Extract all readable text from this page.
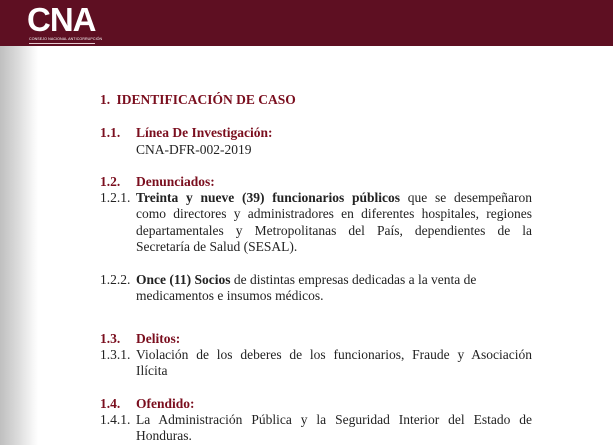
CNA
CONSEJO NACIONAL ANTICORRUPCIÓN
1. IDENTIFICACIÓN DE CASO
1.1. Línea De Investigación:
CNA-DFR-002-2019
1.2. Denunciados:
1.2.1. Treinta y nueve (39) funcionarios públicos que se desempeñaron
como directores y administradores en diferentes hospitales, regiones
departamentales y Metropolitanas del País, dependientes de la
Secretaría de Salud (SESAL).
1.2.2. Once (11) Socios de distintas empresas dedicadas a la venta de
medicamentos e insumos médicos.
1.3. Delitos:
1.3.1. Violación de los deberes de los funcionarios, Fraude y Asociación
Ilícita
1.4. Ofendido:
1.4.1. La Administración Pública y la Seguridad Interior del Estado de
Honduras.
